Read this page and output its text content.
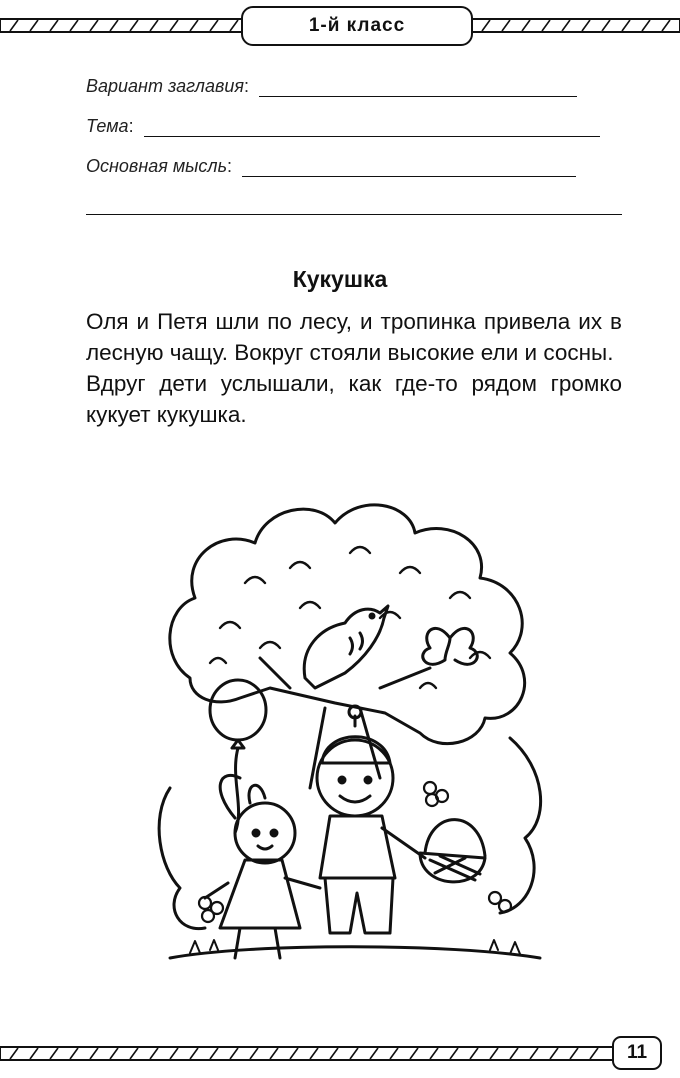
1-й класс
Вариант заглавия :
Тема :
Основная мысль :
Кукушка

Оля и Петя шли по лесу, и тропинка привела их в лесную чащу. Вокруг стояли высокие ели и сосны.

Вдруг дети услышали, как где-то рядом громко кукует кукушка.

11
